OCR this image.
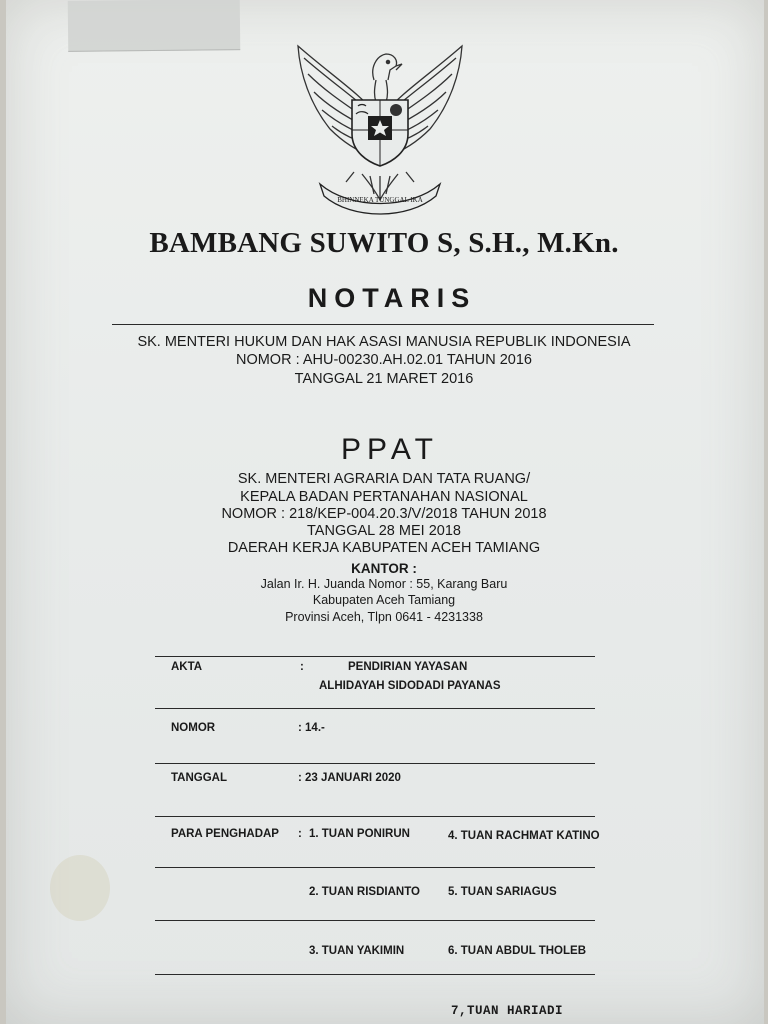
BHINNEKA TUNGGAL IKA
BAMBANG SUWITO S, S.H., M.Kn.
NOTARIS
SK. MENTERI HUKUM DAN HAK ASASI MANUSIA REPUBLIK INDONESIA
NOMOR : AHU-00230.AH.02.01 TAHUN 2016
TANGGAL 21 MARET 2016
PPAT
SK. MENTERI AGRARIA DAN TATA RUANG/
KEPALA BADAN PERTANAHAN NASIONAL
NOMOR : 218/KEP-004.20.3/V/2018 TAHUN 2018
TANGGAL 28 MEI 2018
DAERAH KERJA KABUPATEN ACEH TAMIANG
KANTOR :
Jalan Ir. H. Juanda Nomor : 55, Karang Baru
Kabupaten Aceh Tamiang
Provinsi Aceh, Tlpn 0641 - 4231338
AKTA	:	PENDIRIAN YAYASAN
ALHIDAYAH SIDODADI PAYANAS
NOMOR	: 14.-
TANGGAL	: 23 JANUARI 2020
PARA PENGHADAP : 1. TUAN PONIRUN	4. TUAN RACHMAT KATINO
2. TUAN RISDIANTO 5. TUAN SARIAGUS
3. TUAN YAKIMIN	6. TUAN ABDUL THOLEB
7,TUAN HARIADI
